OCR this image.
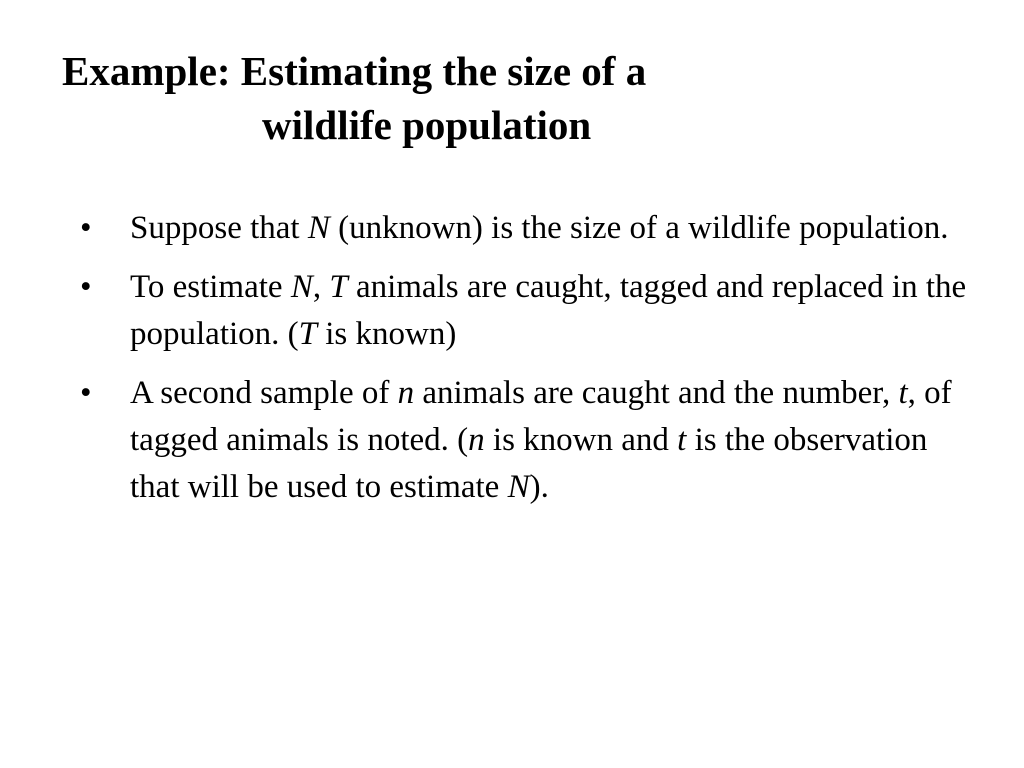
Example: Estimating the size of a
wildlife population
• Suppose that N (unknown) is the size of a wildlife population.
• To estimate N, T animals are caught, tagged and replaced in the population. (T is known)
• A second sample of n animals are caught and the number, t, of tagged animals is noted. (n is known and t is the observation that will be used to estimate N).
